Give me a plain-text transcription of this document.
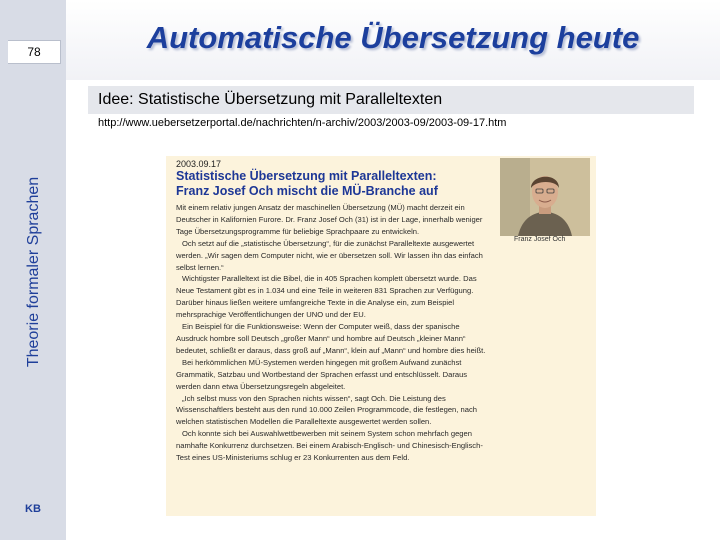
78
Theorie formaler Sprachen
KB
Automatische Übersetzung heute
Idee: Statistische Übersetzung mit Paralleltexten
http://www.uebersetzerportal.de/nachrichten/n-archiv/2003/2003-09/2003-09-17.htm
2003.09.17
Statistische Übersetzung mit Paralleltexten: Franz Josef Och mischt die MÜ-Branche auf

Mit einem relativ jungen Ansatz der maschinellen Übersetzung (MÜ) macht derzeit ein Deutscher in Kalifornien Furore. Dr. Franz Josef Och (31) ist in der Lage, innerhalb weniger Tage Übersetzungsprogramme für beliebige Sprachpaare zu entwickeln.

Och setzt auf die „statistische Übersetzung“, für die zunächst Paralleltexte ausgewertet werden. „Wir sagen dem Computer nicht, wie er übersetzen soll. Wir lassen ihn das einfach selbst lernen.“

Wichtigster Paralleltext ist die Bibel, die in 405 Sprachen komplett übersetzt wurde. Das Neue Testament gibt es in 1.034 und eine Teile in weiteren 831 Sprachen zur Verfügung. Darüber hinaus ließen weitere umfangreiche Texte in die Analyse ein, zum Beispiel mehrsprachige Veröffentlichungen der UNO und der EU.

Ein Beispiel für die Funktionsweise: Wenn der Computer weiß, dass der spanische Ausdruck hombre soll Deutsch „großer Mann“ und hombre auf Deutsch „kleiner Mann“ bedeutet, schließt er daraus, dass groß auf „Mann“, klein auf „Mann“ und hombre dies heißt.

Bei herkömmlichen MÜ-Systemen werden hingegen mit großem Aufwand zunächst Grammatik, Satzbau und Wortbestand der Sprachen erfasst und entschlüsselt. Daraus werden dann etwa Übersetzungsregeln abgeleitet.

„Ich selbst muss von den Sprachen nichts wissen“, sagt Och. Die Leistung des Wissenschaftlers besteht aus den rund 10.000 Zeilen Programmcode, die festlegen, nach welchen statistischen Modellen die Paralleltexte ausgewertet werden sollen.

Och konnte sich bei Auswahlwettbewerben mit seinem System schon mehrfach gegen namhafte Konkurrenz durchsetzen. Bei einem Arabisch-Englisch- und Chinesisch-Englisch-Test eines US-Ministeriums schlug er 23 Konkurrenten aus dem Feld.

Franz Josef Och
